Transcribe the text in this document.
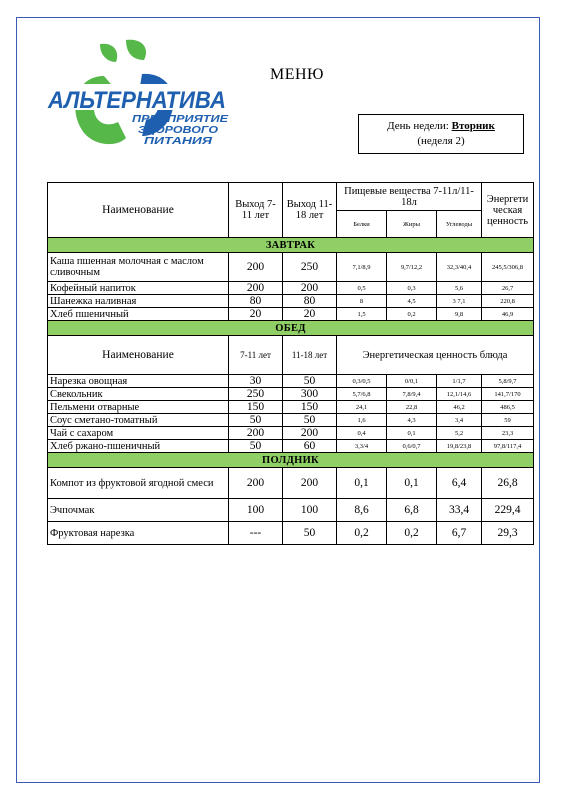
АЛЬТЕРНАТИВА
ПРЕДПРИЯТИЕ
ЗДОРОВОГО
ПИТАНИЯ
МЕНЮ
День недели: Вторник
(неделя 2)
Наименование	Выход 7-11 лет	Выход 11-18 лет	Пищевые вещества 7-11л/11-18л			Энергети ческая ценность
			Белки	Жиры	Углеводы	
ЗАВТРАК						
Каша пшенная молочная с маслом сливочным	200	250	7,1/8,9	9,7/12,2	32,3/40,4	245,5/306,8
Кофейный напиток	200	200	0,5	0,3	5,6	26,7
Шанежка наливная	80	80	8	4,5	3 7,1	220,8
Хлеб пшеничный	20	20	1,5	0,2	9,8	46,9
ОБЕД						
Наименование	7-11 лет	11-18 лет	Энергетическая ценность блюда			
Нарезка овощная	30	50	0,3/0,5	0/0,1	1/1,7	5,8/9,7
Свекольник	250	300	5,7/6,8	7,8/9,4	12,1/14,6	141,7/170
Пельмени отварные	150	150	24,1	22,8	46,2	486,5
Соус сметано-томатный	50	50	1,6	4,3	3,4	59
Чай с сахаром	200	200	0,4	0,1	5,2	23,3
Хлеб ржано-пшеничный	50	60	3,3/4	0,6/0,7	19,8/23,8	97,8/117,4
ПОЛДНИК						
Компот из фруктовой ягодной смеси	200	200	0,1	0,1	6,4	26,8
Эчпочмак	100	100	8,6	6,8	33,4	229,4
Фруктовая нарезка	---	50	0,2	0,2	6,7	29,3
